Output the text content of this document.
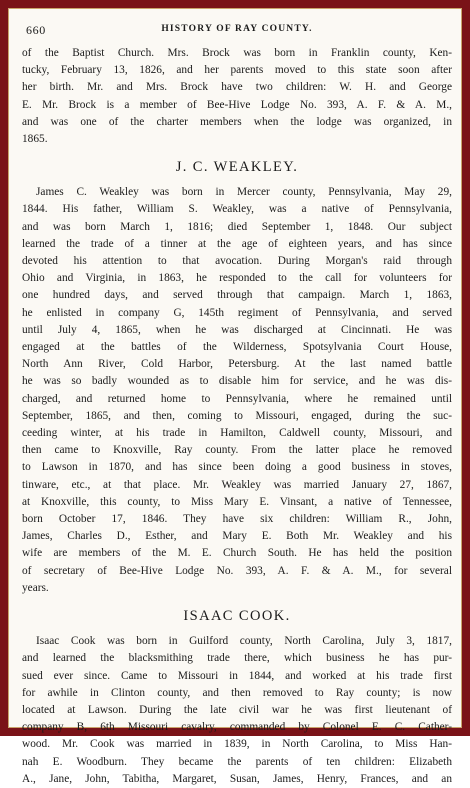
660	HISTORY OF RAY COUNTY.
of the Baptist Church. Mrs. Brock was born in Franklin county, Ken-
tucky, February 13, 1826, and her parents moved to this state soon after
her birth. Mr. and Mrs. Brock have two children: W. H. and George
E. Mr. Brock is a member of Bee-Hive Lodge No. 393, A. F. & A. M.,
and was one of the charter members when the lodge was organized, in
1865.
J. C. WEAKLEY.
James C. Weakley was born in Mercer county, Pennsylvania, May 29,
1844. His father, William S. Weakley, was a native of Pennsylvania,
and was born March 1, 1816; died September 1, 1848. Our subject
learned the trade of a tinner at the age of eighteen years, and has since
devoted his attention to that avocation. During Morgan's raid through
Ohio and Virginia, in 1863, he responded to the call for volunteers for
one hundred days, and served through that campaign. March 1, 1863,
he enlisted in company G, 145th regiment of Pennsylvania, and served
until July 4, 1865, when he was discharged at Cincinnati. He was
engaged at the battles of the Wilderness, Spotsylvania Court House,
North Ann River, Cold Harbor, Petersburg. At the last named battle
he was so badly wounded as to disable him for service, and he was dis-
charged, and returned home to Pennsylvania, where he remained until
September, 1865, and then, coming to Missouri, engaged, during the suc-
ceeding winter, at his trade in Hamilton, Caldwell county, Missouri, and
then came to Knoxville, Ray county. From the latter place he removed
to Lawson in 1870, and has since been doing a good business in stoves,
tinware, etc., at that place. Mr. Weakley was married January 27, 1867,
at Knoxville, this county, to Miss Mary E. Vinsant, a native of Tennessee,
born October 17, 1846. They have six children: William R., John,
James, Charles D., Esther, and Mary E. Both Mr. Weakley and his
wife are members of the M. E. Church South. He has held the position
of secretary of Bee-Hive Lodge No. 393, A. F. & A. M., for several
years.
ISAAC COOK.
Isaac Cook was born in Guilford county, North Carolina, July 3, 1817,
and learned the blacksmithing trade there, which business he has pur-
sued ever since. Came to Missouri in 1844, and worked at his trade first
for awhile in Clinton county, and then removed to Ray county; is now
located at Lawson. During the late civil war he was first lieutenant of
company B, 6th Missouri cavalry, commanded by Colonel E. C. Cather-
wood. Mr. Cook was married in 1839, in North Carolina, to Miss Han-
nah E. Woodburn. They became the parents of ten children: Elizabeth
A., Jane, John, Tabitha, Margaret, Susan, James, Henry, Frances, and an
